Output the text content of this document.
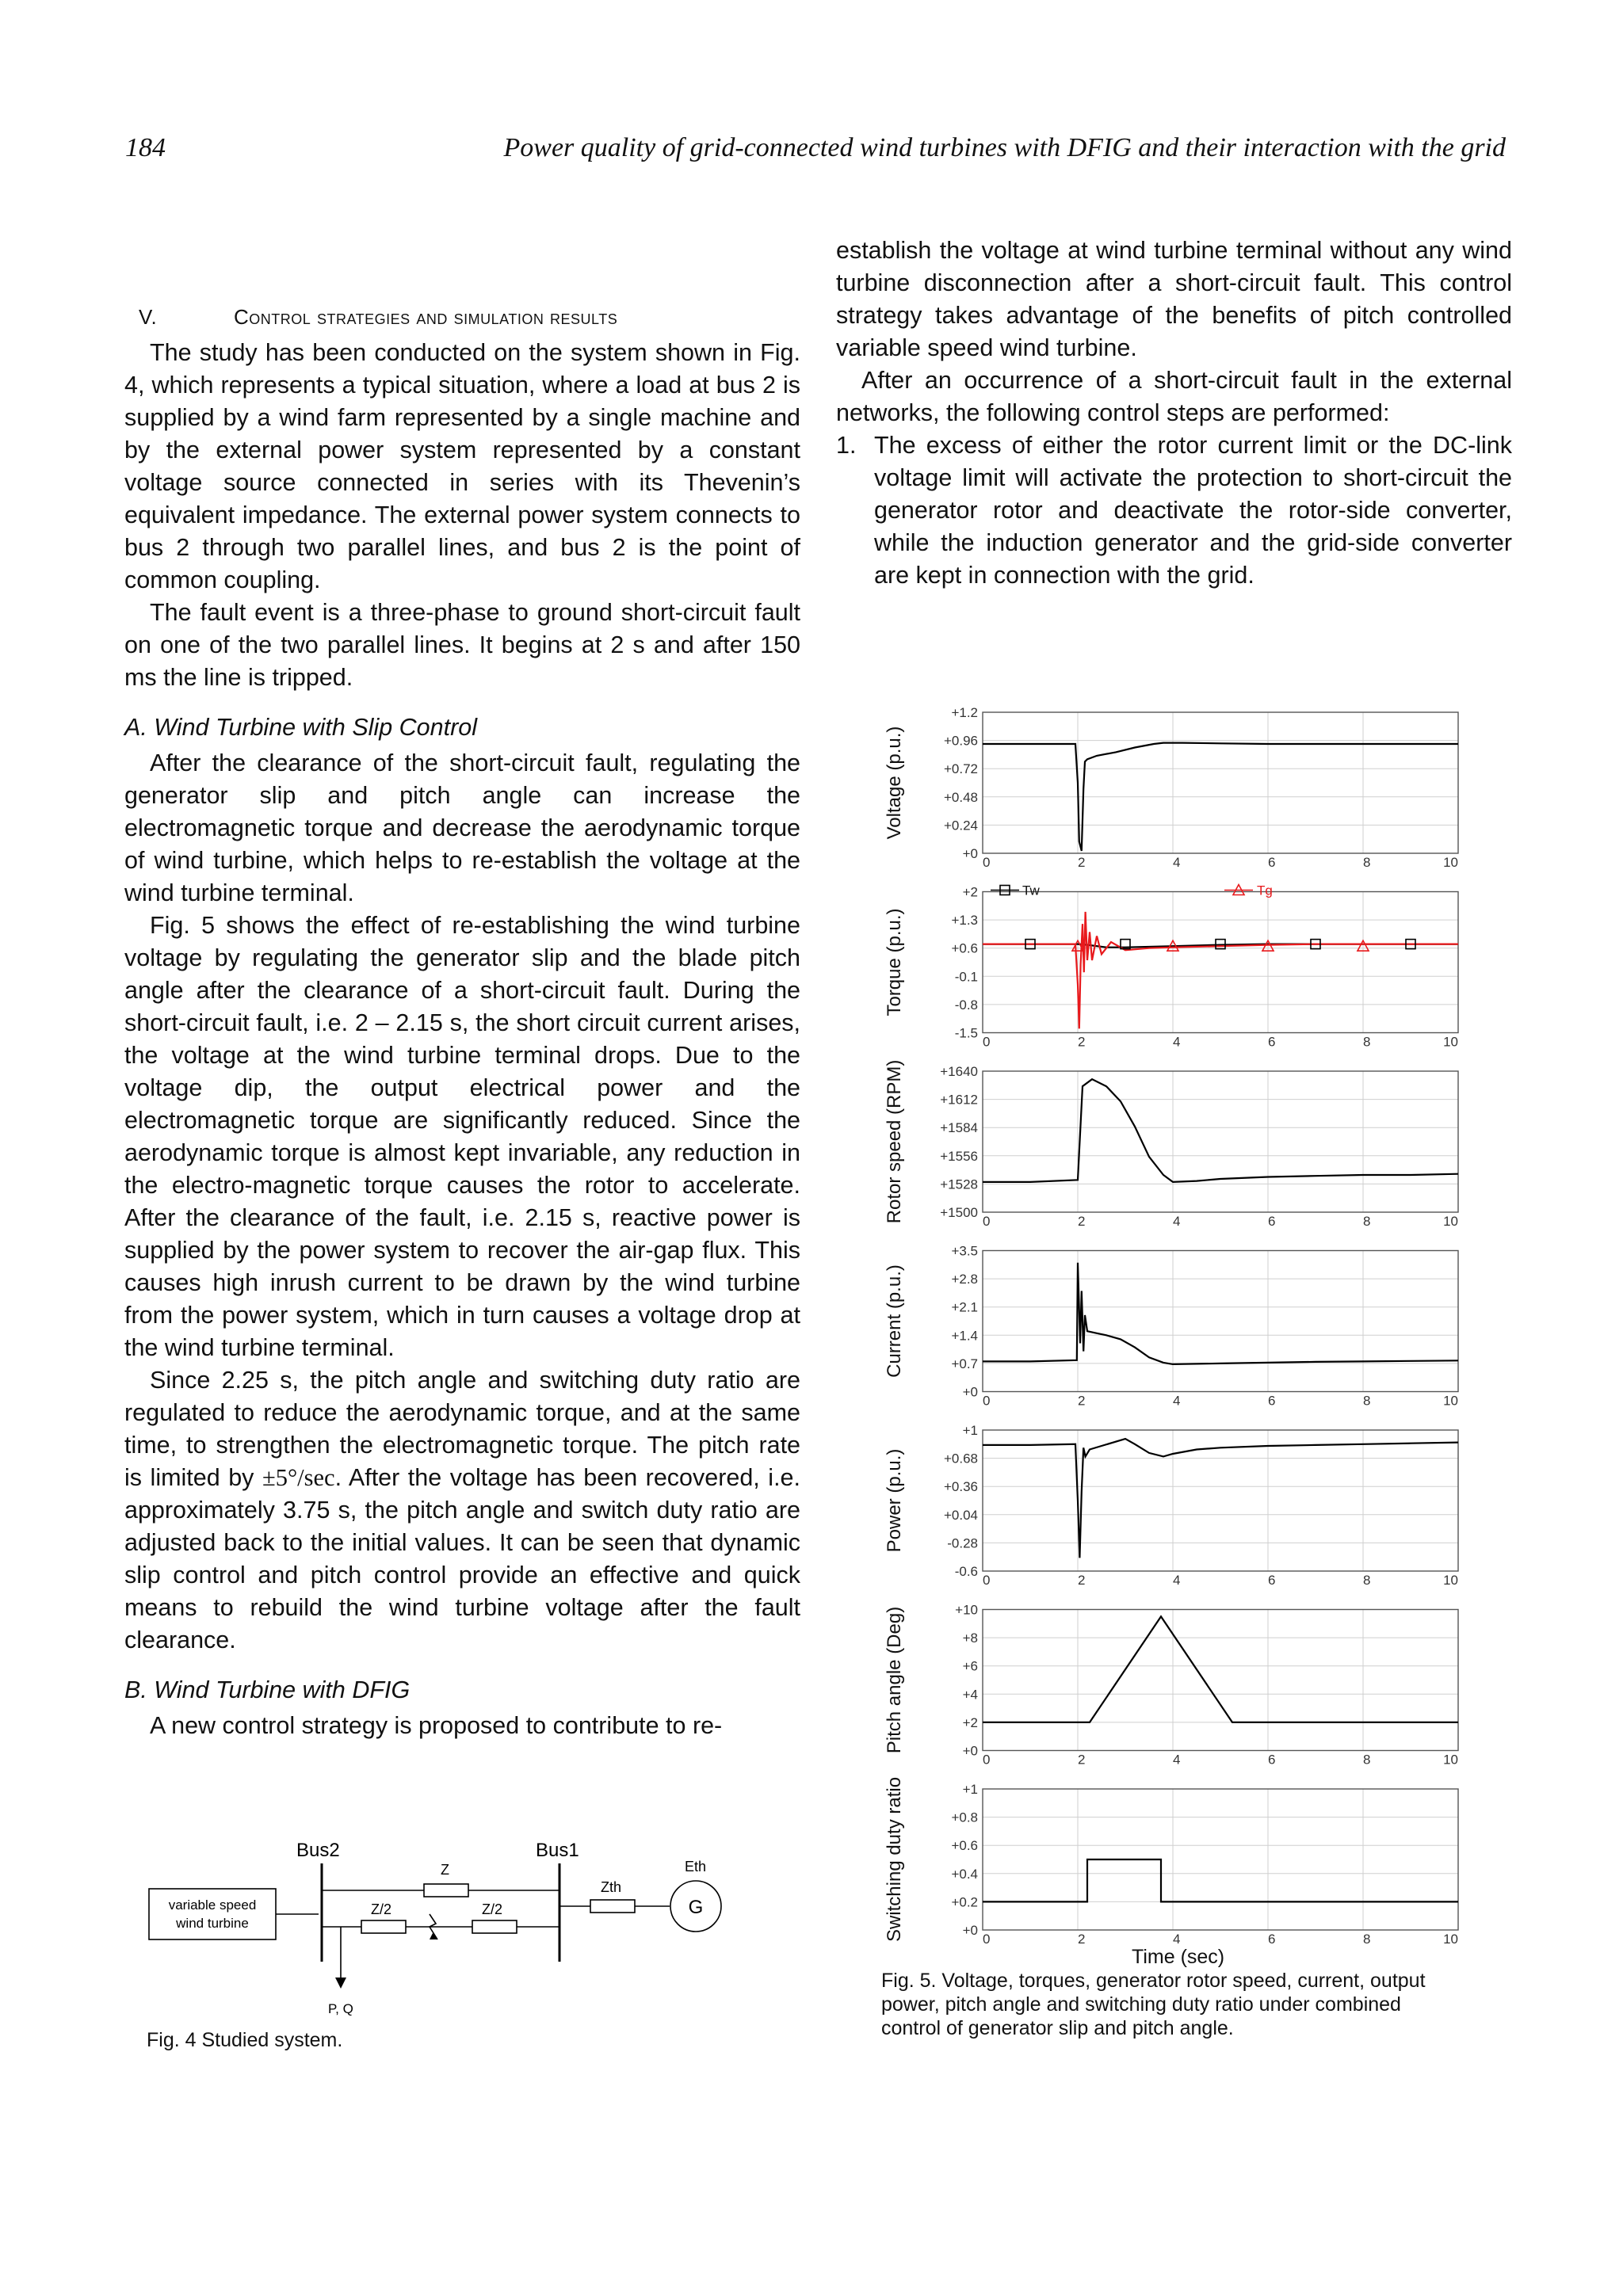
184	Power quality of grid-connected wind turbines with DFIG and their interaction with the grid
V.	Control strategies and simulation results

The study has been conducted on the system shown in Fig. 4, which represents a typical situation, where a load at bus 2 is supplied by a wind farm represented by a single machine and by the external power system represented by a constant voltage source connected in series with its Thevenin’s equivalent impedance. The external power system connects to bus 2 through two parallel lines, and bus 2 is the point of common coupling.

The fault event is a three-phase to ground short-circuit fault on one of the two parallel lines. It begins at 2 s and after 150 ms the line is tripped.

A. Wind Turbine with Slip Control

After the clearance of the short-circuit fault, regulating the generator slip and pitch angle can increase the electromagnetic torque and decrease the aerodynamic torque of wind turbine, which helps to re-establish the voltage at the wind turbine terminal.

Fig. 5 shows the effect of re-establishing the wind turbine voltage by regulating the generator slip and the blade pitch angle after the clearance of a short-circuit fault. During the short-circuit fault, i.e. 2 – 2.15 s, the short circuit current arises, the voltage at the wind turbine terminal drops. Due to the voltage dip, the output electrical power and the electromagnetic torque are significantly reduced. Since the aerodynamic torque is almost kept invariable, any reduction in the electro-magnetic torque causes the rotor to accelerate. After the clearance of the fault, i.e. 2.15 s, reactive power is supplied by the power system to recover the air-gap flux. This causes high inrush current to be drawn by the wind turbine from the power system, which in turn causes a voltage drop at the wind turbine terminal.

Since 2.25 s, the pitch angle and switching duty ratio are regulated to reduce the aerodynamic torque, and at the same time, to strengthen the electromagnetic torque. The pitch rate is limited by ±5°/sec. After the voltage has been recovered, i.e. approximately 3.75 s, the pitch angle and switch duty ratio are adjusted back to the initial values. It can be seen that dynamic slip control and pitch control provide an effective and quick means to rebuild the wind turbine voltage after the fault clearance.

B. Wind Turbine with DFIG

A new control strategy is proposed to contribute to re-

establish the voltage at wind turbine terminal without any wind turbine disconnection after a short-circuit fault. This control strategy takes advantage of the benefits of pitch controlled variable speed wind turbine.

After an occurrence of a short-circuit fault in the external networks, the following control steps are performed:

1. The excess of either the rotor current limit or the DC-link voltage limit will activate the protection to short-circuit the generator rotor and deactivate the rotor-side converter, while the induction generator and the grid-side converter are kept in connection with the grid.
Bus2	Bus1
Z
Z/2	Z/2
Zth
Eth
G
variable speed
wind turbine
P, Q
Fig. 4 Studied system.
+1.2
+0.96
+0.72
+0.48
+0.24
+0
0	2	4	6	8	10
Voltage (p.u.)
+2
+1.3
+0.6
-0.1
-0.8
-1.5
0	2	4	6	8	10
Torque (p.u.)
Tw	Tg
+1640
+1612
+1584
+1556
+1528
+1500
0	2	4	6	8	10
Rotor speed (RPM)
+3.5
+2.8
+2.1
+1.4
+0.7
+0
0	2	4	6	8	10
Current (p.u.)
+1
+0.68
+0.36
+0.04
-0.28
-0.6
0	2	4	6	8	10
Power (p.u.)
+10
+8
+6
+4
+2
+0
0	2	4	6	8	10
Pitch angle (Deg)
+1
+0.8
+0.6
+0.4
+0.2
+0
0	2	4	6	8	10
Switching duty ratio
Time (sec)
Fig. 5. Voltage, torques, generator rotor speed, current, output
power, pitch angle and switching duty ratio under combined
control of generator slip and pitch angle.
